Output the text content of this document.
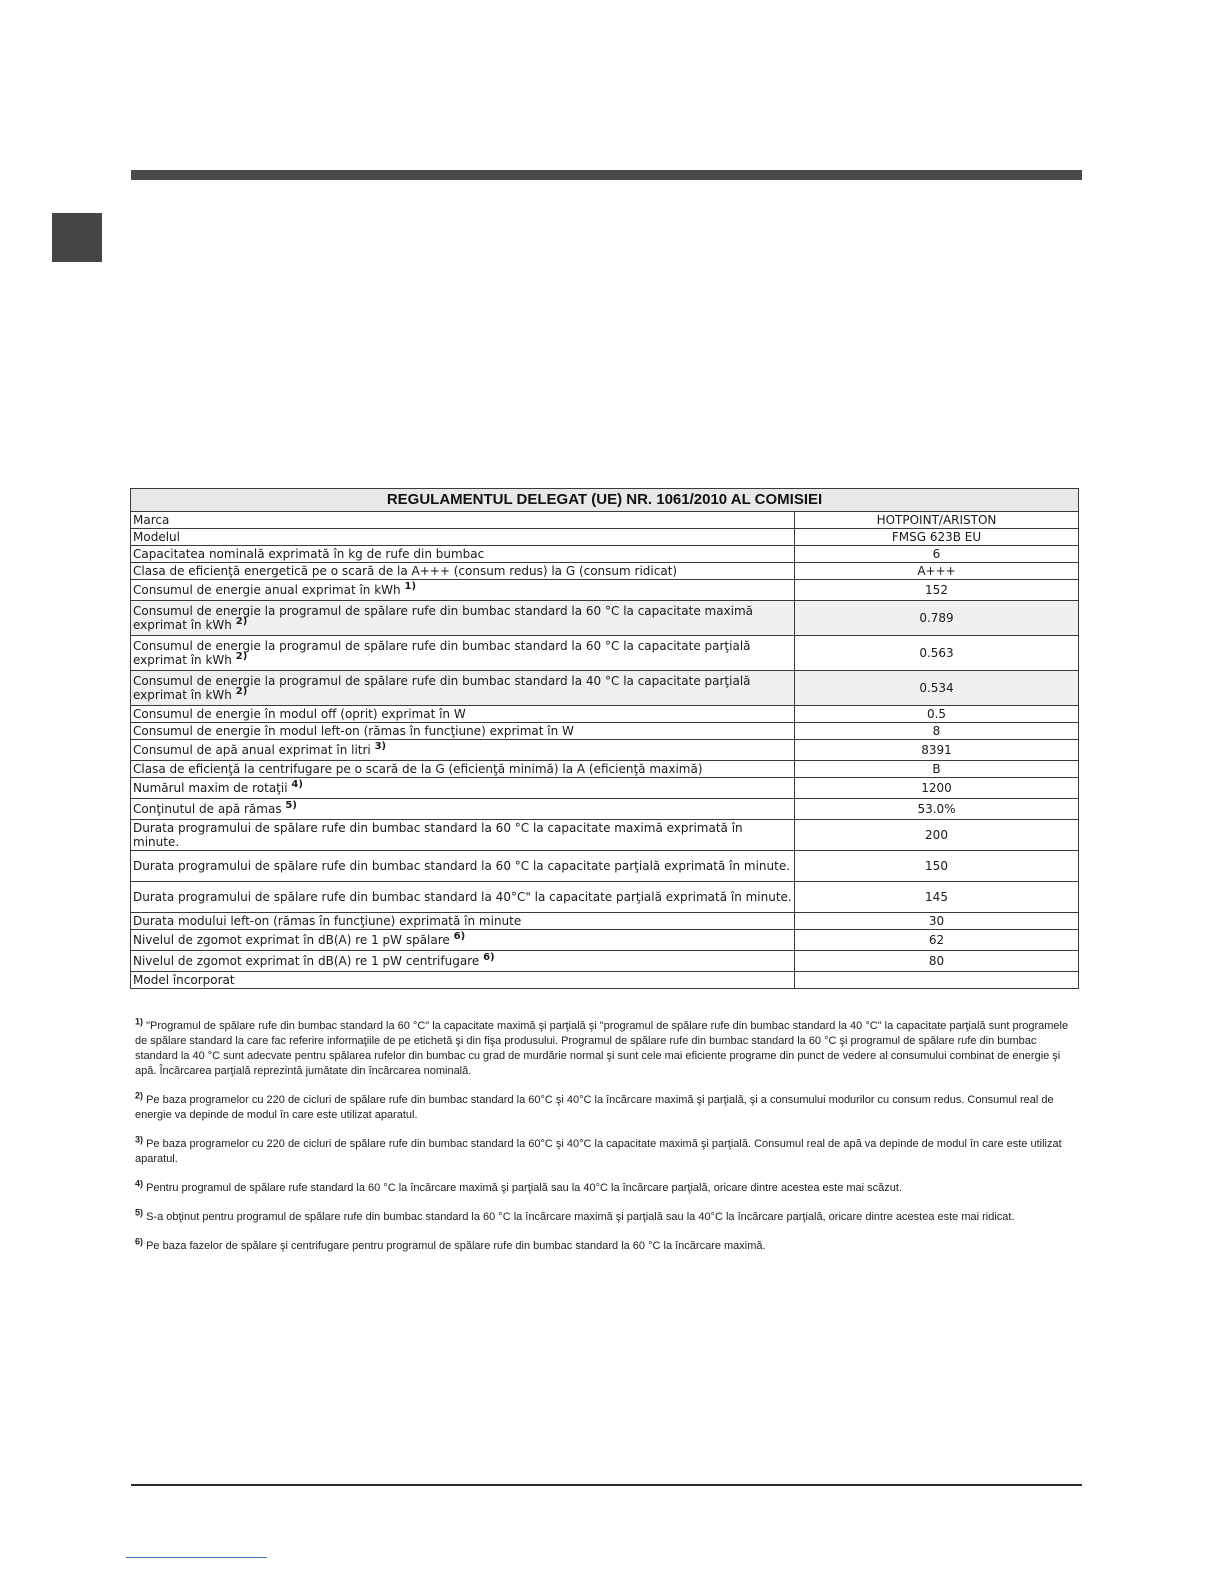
REGULAMENTUL DELEGAT (UE) NR. 1061/2010 AL COMISIEI	
Marca	HOTPOINT/ARISTON
Modelul	FMSG 623B EU
Capacitatea nominală exprimată în kg de rufe din bumbac	6
Clasa de eficienţă energetică pe o scară de la A+++ (consum redus) la G (consum ridicat)	A+++
Consumul de energie anual exprimat în kWh $^{1)}$	152
Consumul de energie la programul de spălare rufe din bumbac standard la 60 °C la capacitate maximă exprimat în kWh $^{2)}$	0.789
Consumul de energie la programul de spălare rufe din bumbac standard la 60 °C la capacitate parţială exprimat în kWh $^{2)}$	0.563
Consumul de energie la programul de spălare rufe din bumbac standard la 40 °C la capacitate parţială exprimat în kWh $^{2)}$	0.534
Consumul de energie în modul off (oprit) exprimat în W	0.5
Consumul de energie în modul left-on (rămas în funcţiune) exprimat în W	8
Consumul de apă anual exprimat în litri $^{3)}$	8391
Clasa de eficienţă la centrifugare pe o scară de la G (eficienţă minimă) la A (eficienţă maximă)	B
Numărul maxim de rotaţii $^{4)}$	1200
Conţinutul de apă rămas $^{5)}$	53.0%
Durata programului de spălare rufe din bumbac standard la 60 °C la capacitate maximă exprimată în minute.	200
Durata programului de spălare rufe din bumbac standard la 60 °C la capacitate parţială exprimată în minute.	150
Durata programului de spălare rufe din bumbac standard la 40°C" la capacitate parţială exprimată în minute.	145
Durata modului left-on (rămas în funcţiune) exprimată în minute	30
Nivelul de zgomot exprimat în dB(A) re 1 pW spălare $^{6)}$	62
Nivelul de zgomot exprimat în dB(A) re 1 pW centrifugare $^{6)}$	80
Model încorporat	

$^{1)}$ "Programul de spălare rufe din bumbac standard la 60 °C" la capacitate maximă şi parţială şi "programul de spălare rufe din bumbac standard la 40 °C" la capacitate parţială sunt programele de spălare standard la care fac referire informaţiile de pe etichetă şi din fişa produsului. Programul de spălare rufe din bumbac standard la 60 °C şi programul de spălare rufe din bumbac standard la 40 °C sunt adecvate pentru spălarea rufelor din bumbac cu grad de murdărie normal şi sunt cele mai eficiente programe din punct de vedere al consumului combinat de energie şi apă. Încărcarea parţială reprezintă jumătate din încărcarea nominală.

$^{2)}$ Pe baza programelor cu 220 de cicluri de spălare rufe din bumbac standard la 60°C şi 40°C la încărcare maximă şi parţială, şi a consumului modurilor cu consum redus. Consumul real de energie va depinde de modul în care este utilizat aparatul.

$^{3)}$ Pe baza programelor cu 220 de cicluri de spălare rufe din bumbac standard la 60°C şi 40°C la capacitate maximă şi parţială. Consumul real de apă va depinde de modul în care este utilizat aparatul.

$^{4)}$ Pentru programul de spălare rufe standard la 60 °C la încărcare maximă şi parţială sau la 40°C la încărcare parţială, oricare dintre acestea este mai scăzut.

$^{5)}$ S-a obţinut pentru programul de spălare rufe din bumbac standard la 60 °C la încărcare maximă şi parţială sau la 40°C la încărcare parţială, oricare dintre acestea este mai ridicat.

$^{6)}$ Pe baza fazelor de spălare şi centrifugare pentru programul de spălare rufe din bumbac standard la 60 °C la încărcare maximă.
